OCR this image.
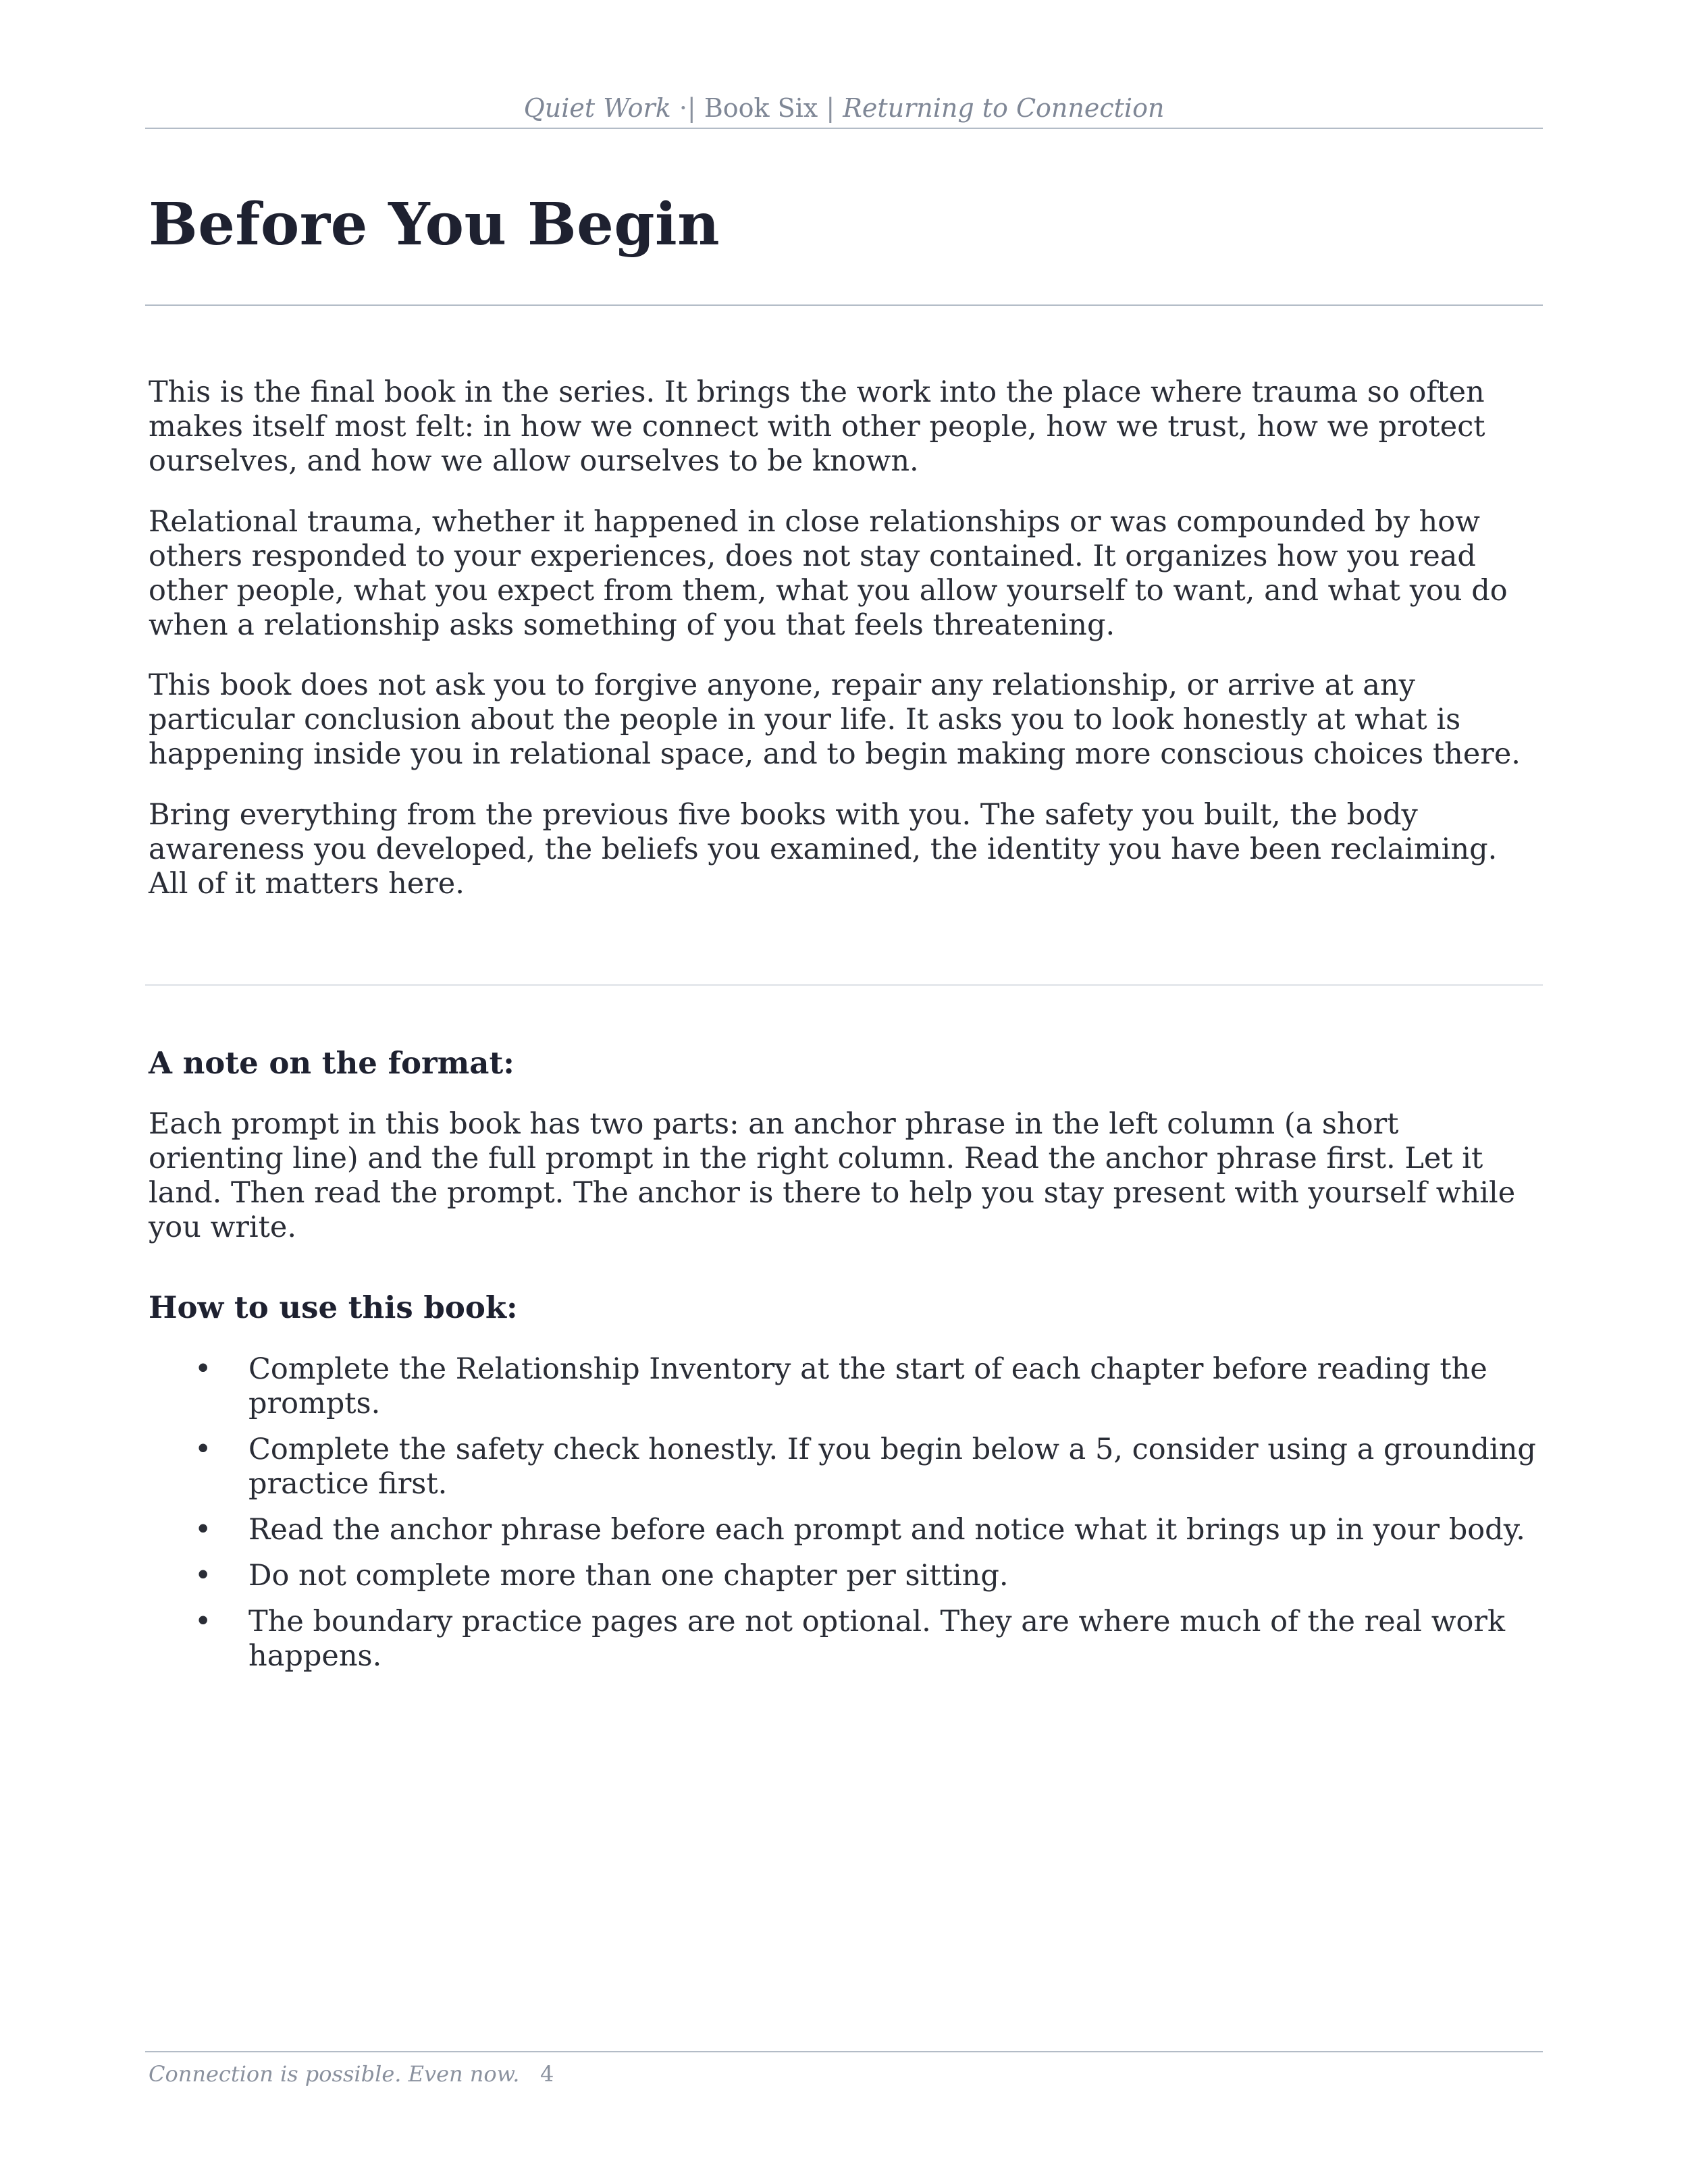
Quiet Work ·| Book Six | Returning to Connection
Before You Begin

This is the final book in the series. It brings the work into the place where trauma so often makes itself most felt: in how we connect with other people, how we trust, how we protect ourselves, and how we allow ourselves to be known.

Relational trauma, whether it happened in close relationships or was compounded by how others responded to your experiences, does not stay contained. It organizes how you read other people, what you expect from them, what you allow yourself to want, and what you do when a relationship asks something of you that feels threatening.

This book does not ask you to forgive anyone, repair any relationship, or arrive at any particular conclusion about the people in your life. It asks you to look honestly at what is happening inside you in relational space, and to begin making more conscious choices there.

Bring everything from the previous five books with you. The safety you built, the body awareness you developed, the beliefs you examined, the identity you have been reclaiming. All of it matters here.

A note on the format:

Each prompt in this book has two parts: an anchor phrase in the left column (a short orienting line) and the full prompt in the right column. Read the anchor phrase first. Let it land. Then read the prompt. The anchor is there to help you stay present with yourself while you write.

How to use this book:
• Complete the Relationship Inventory at the start of each chapter before reading the prompts.
• Complete the safety check honestly. If you begin below a 5, consider using a grounding practice first.
• Read the anchor phrase before each prompt and notice what it brings up in your body.
• Do not complete more than one chapter per sitting.
• The boundary practice pages are not optional. They are where much of the real work happens.
Connection is possible. Even now. 4
